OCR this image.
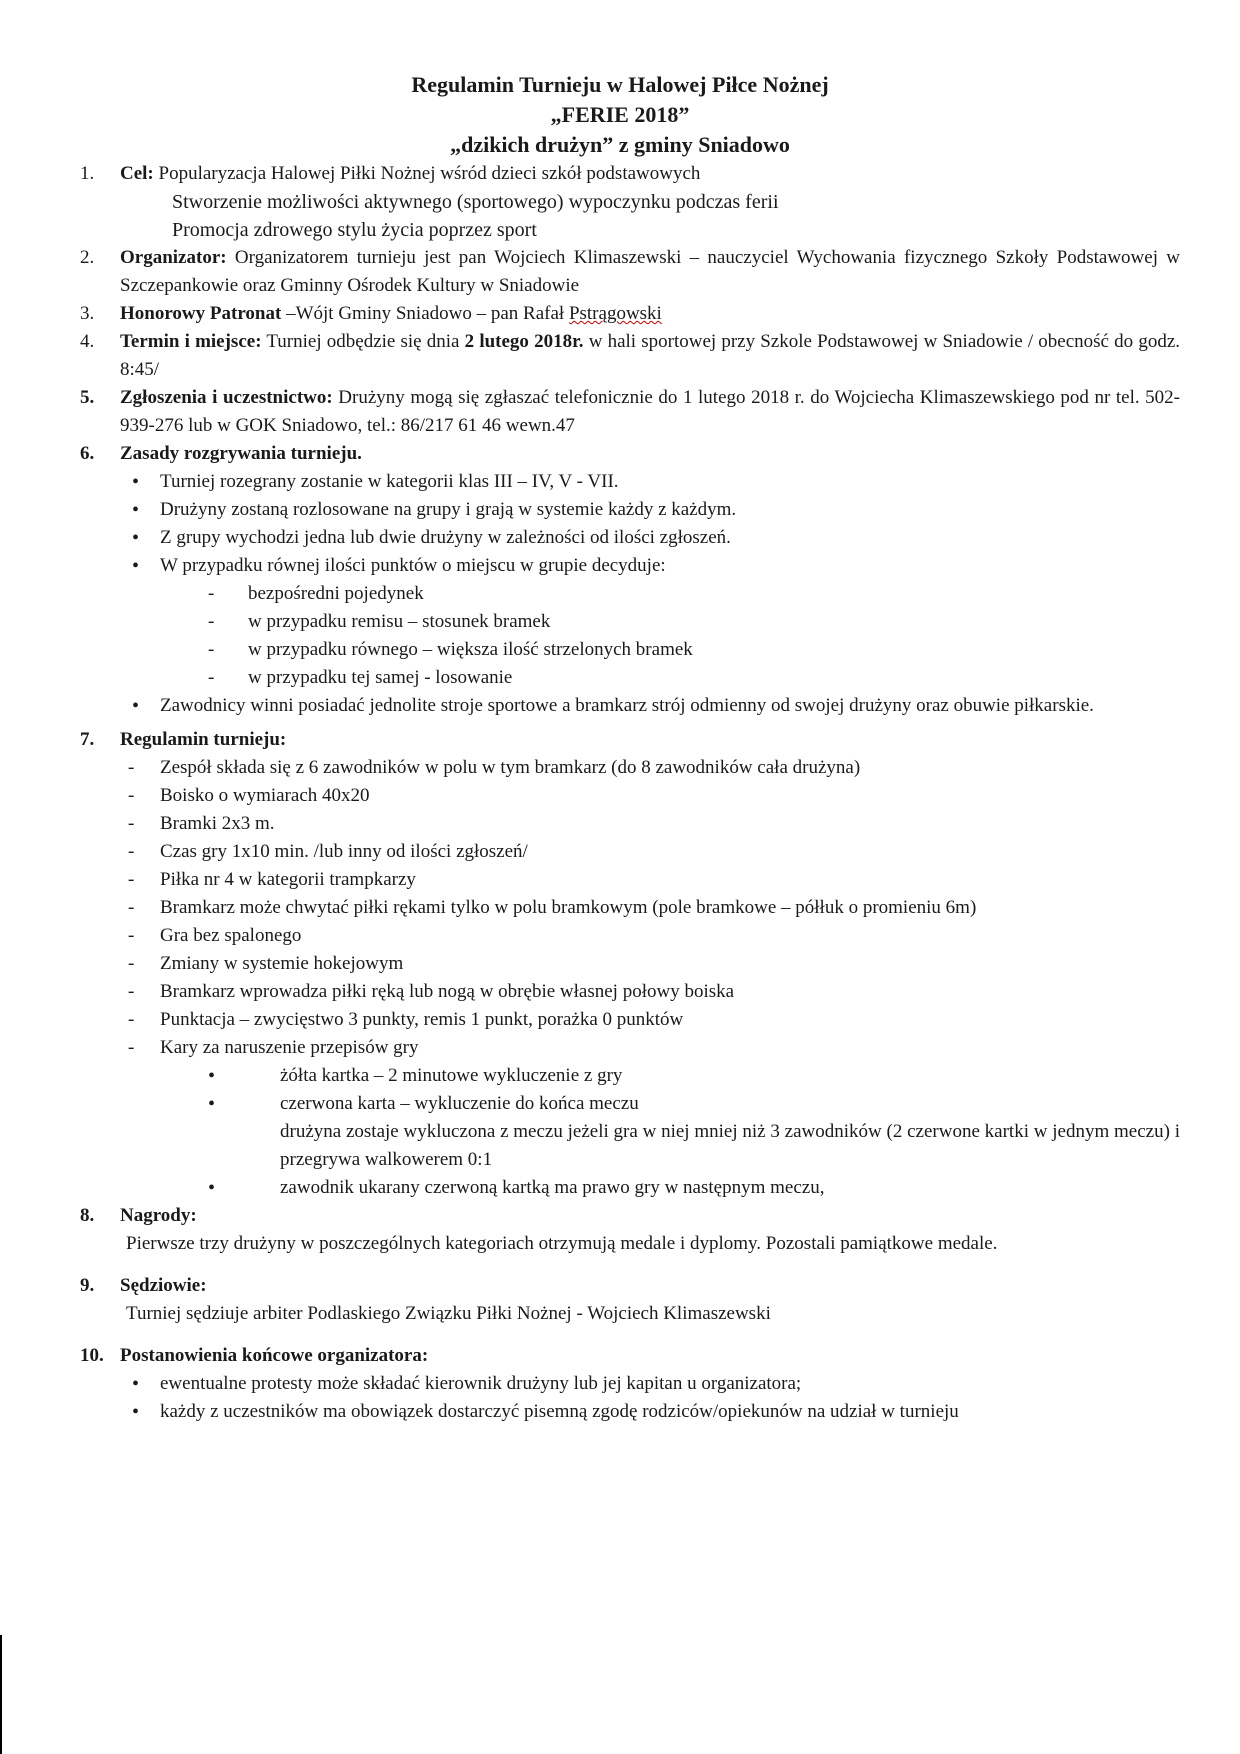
Regulamin Turnieju w Halowej Piłce Nożnej
„FERIE 2018”
„dzikich drużyn” z gminy Sniadowo
1.	Cel: Popularyzacja Halowej Piłki Nożnej wśród dzieci szkół podstawowych
Stworzenie możliwości aktywnego (sportowego) wypoczynku podczas ferii
Promocja zdrowego stylu życia poprzez sport
2.	Organizator: Organizatorem turnieju jest pan Wojciech Klimaszewski – nauczyciel Wychowania fizycznego Szkoły Podstawowej w Szczepankowie oraz Gminny Ośrodek Kultury w Sniadowie
3.	Honorowy Patronat –Wójt Gminy Sniadowo – pan Rafał Pstrągowski
4.	Termin i miejsce: Turniej odbędzie się dnia 2 lutego 2018r. w hali sportowej przy Szkole Podstawowej w Sniadowie / obecność do godz. 8:45/
5.	Zgłoszenia i uczestnictwo: Drużyny mogą się zgłaszać telefonicznie do 1 lutego 2018 r. do Wojciecha Klimaszewskiego pod nr tel. 502-939-276 lub w GOK Sniadowo, tel.: 86/217 61 46 wewn.47
6.	Zasady rozgrywania turnieju.
• Turniej rozegrany zostanie w kategorii klas III – IV, V - VII.
• Drużyny zostaną rozlosowane na grupy i grają w systemie każdy z każdym.
• Z grupy wychodzi jedna lub dwie drużyny w zależności od ilości zgłoszeń.
• W przypadku równej ilości punktów o miejscu w grupie decyduje:
- bezpośredni pojedynek
- w przypadku remisu – stosunek bramek
- w przypadku równego – większa ilość strzelonych bramek
- w przypadku tej samej - losowanie
• Zawodnicy winni posiadać jednolite stroje sportowe a bramkarz strój odmienny od swojej drużyny oraz obuwie piłkarskie.
7.	Regulamin turnieju:
- Zespół składa się z 6 zawodników w polu w tym bramkarz (do 8 zawodników cała drużyna)
- Boisko o wymiarach 40x20
- Bramki 2x3 m.
- Czas gry 1x10 min. /lub inny od ilości zgłoszeń/
- Piłka nr 4 w kategorii trampkarzy
- Bramkarz może chwytać piłki rękami tylko w polu bramkowym (pole bramkowe – półłuk o promieniu 6m)
- Gra bez spalonego
- Zmiany w systemie hokejowym
- Bramkarz wprowadza piłki ręką lub nogą w obrębie własnej połowy boiska
- Punktacja – zwycięstwo 3 punkty, remis 1 punkt, porażka 0 punktów
- Kary za naruszenie przepisów gry
• żółta kartka – 2 minutowe wykluczenie z gry
• czerwona karta – wykluczenie do końca meczu
drużyna zostaje wykluczona z meczu jeżeli gra w niej mniej niż 3 zawodników (2 czerwone kartki w jednym meczu) i przegrywa walkowerem 0:1
• zawodnik ukarany czerwoną kartką ma prawo gry w następnym meczu,
8.	Nagrody:
Pierwsze trzy drużyny w poszczególnych kategoriach otrzymują medale i dyplomy. Pozostali pamiątkowe medale.
9.	Sędziowie:
Turniej sędziuje arbiter Podlaskiego Związku Piłki Nożnej - Wojciech Klimaszewski
10. Postanowienia końcowe organizatora:
• ewentualne protesty może składać kierownik drużyny lub jej kapitan u organizatora;
• każdy z uczestników ma obowiązek dostarczyć pisemną zgodę rodziców/opiekunów na udział w turnieju
